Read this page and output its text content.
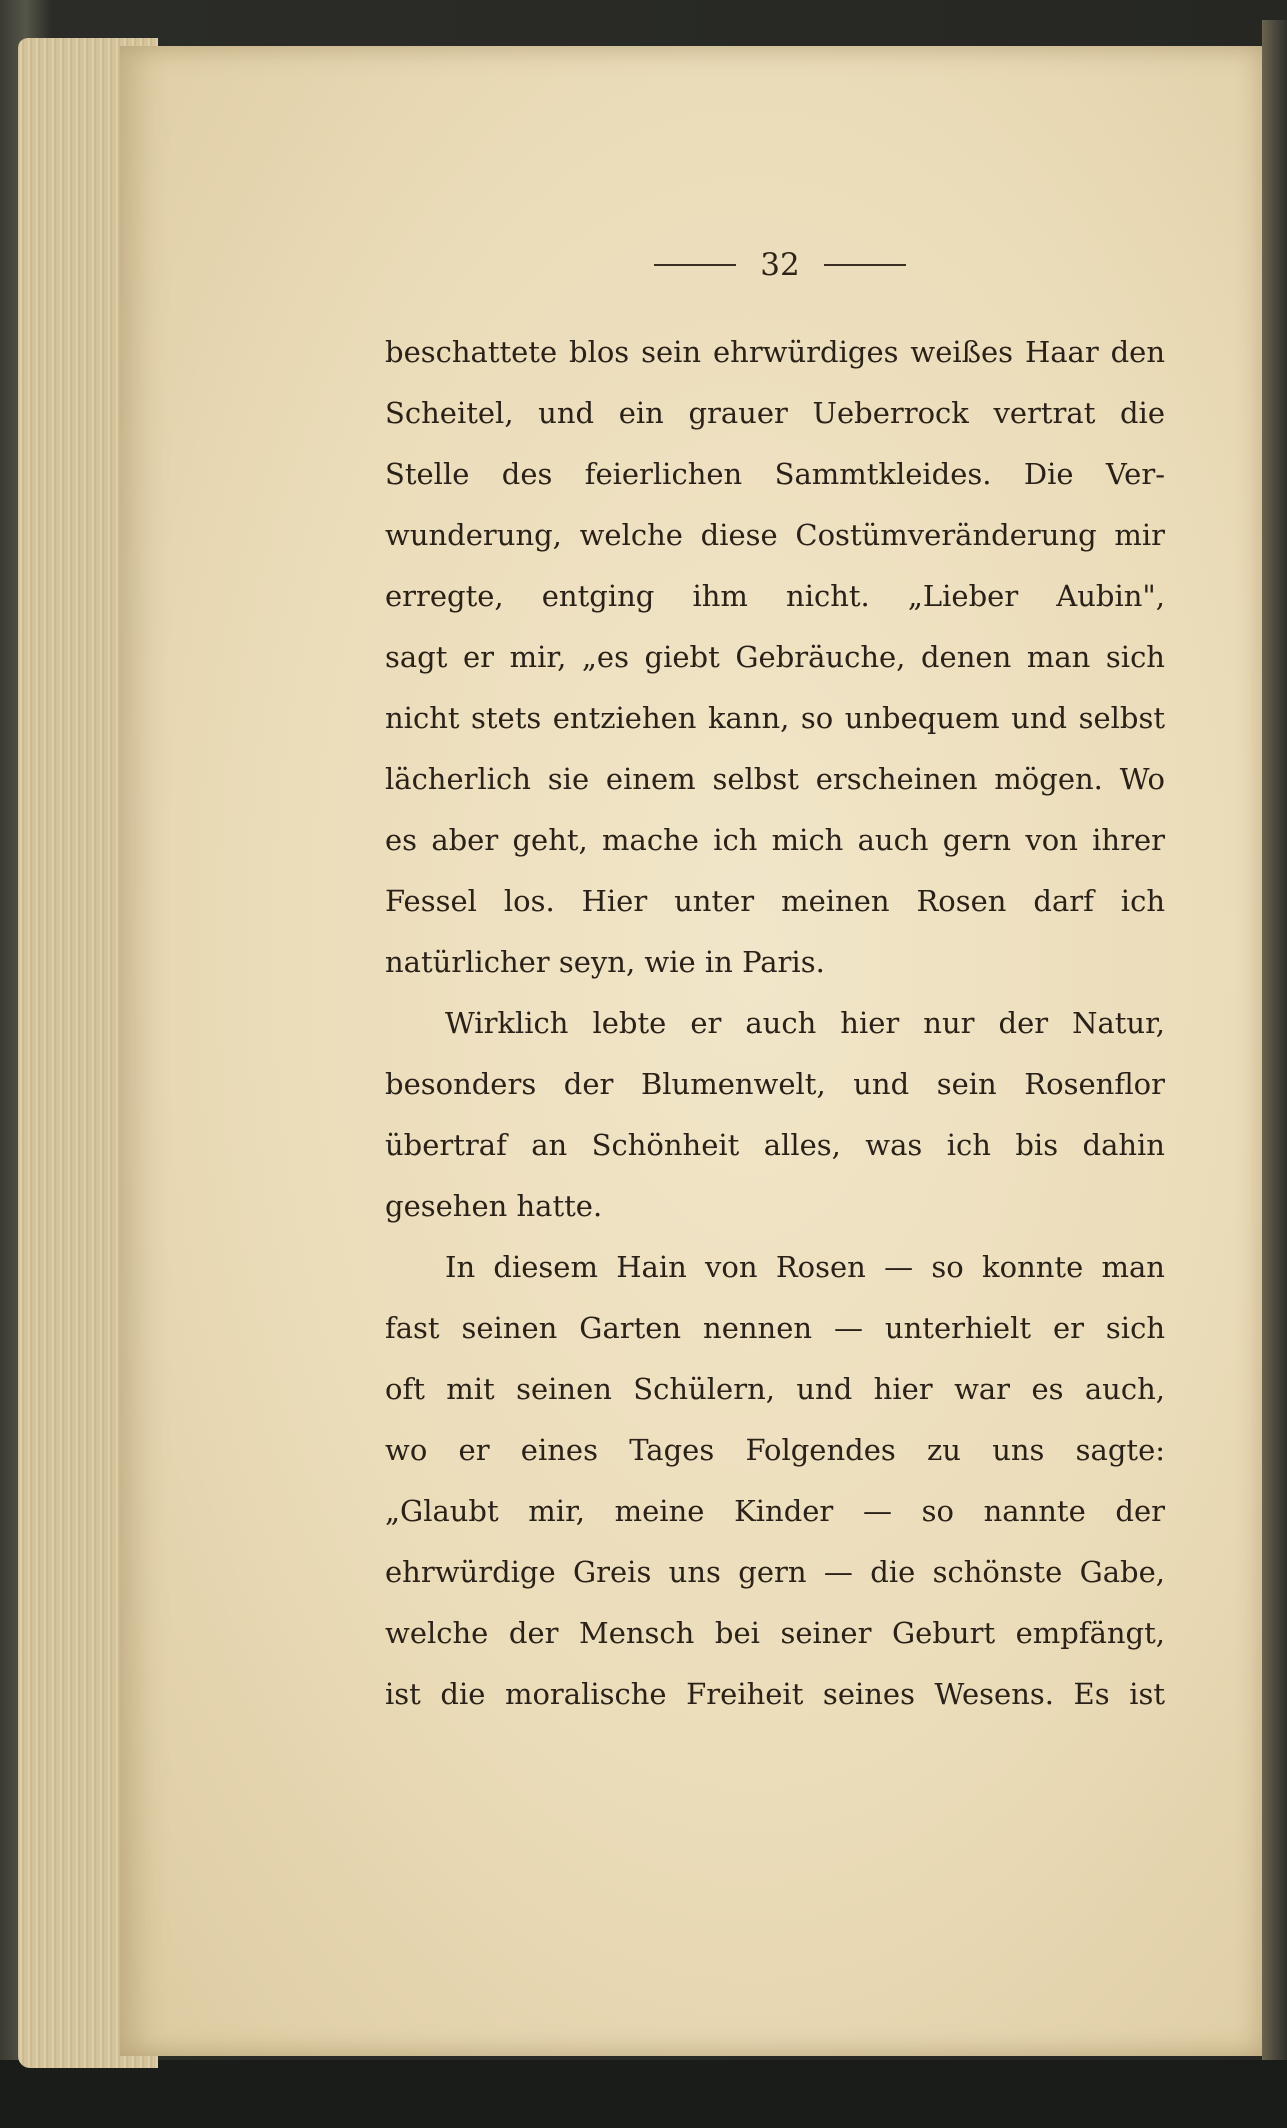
32
beschattete blos sein ehrwürdiges weißes Haar den
Scheitel, und ein grauer Ueberrock vertrat die
Stelle des feierlichen Sammtkleides. Die Ver-
wunderung, welche diese Costümveränderung mir
erregte, entging ihm nicht. „Lieber Aubin",
sagt er mir, „es giebt Gebräuche, denen man sich
nicht stets entziehen kann, so unbequem und selbst
lächerlich sie einem selbst erscheinen mögen. Wo
es aber geht, mache ich mich auch gern von ihrer
Fessel los. Hier unter meinen Rosen darf ich
natürlicher seyn, wie in Paris.
Wirklich lebte er auch hier nur der Natur,
besonders der Blumenwelt, und sein Rosenflor
übertraf an Schönheit alles, was ich bis dahin
gesehen hatte.
In diesem Hain von Rosen — so konnte man
fast seinen Garten nennen — unterhielt er sich
oft mit seinen Schülern, und hier war es auch,
wo er eines Tages Folgendes zu uns sagte:
„Glaubt mir, meine Kinder — so nannte der
ehrwürdige Greis uns gern — die schönste Gabe,
welche der Mensch bei seiner Geburt empfängt,
ist die moralische Freiheit seines Wesens. Es ist
